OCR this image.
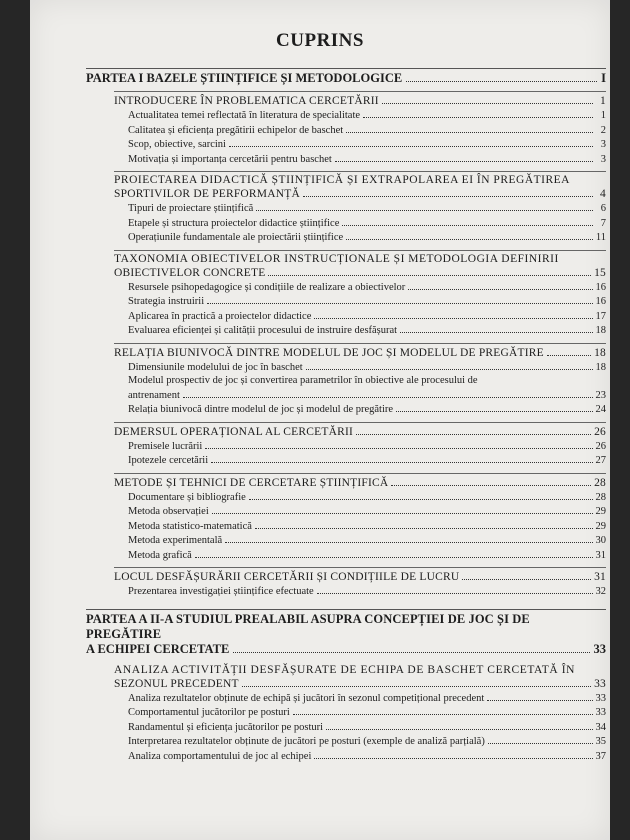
CUPRINS
PARTEA I BAZELE ȘTIINȚIFICE ȘI METODOLOGICE	I
INTRODUCERE ÎN PROBLEMATICA CERCETĂRII	1
Actualitatea temei reflectată în literatura de specialitate	1
Calitatea și eficiența pregătirii echipelor de baschet	2
Scop, obiective, sarcini	3
Motivația și importanța cercetării pentru baschet	3
PROIECTAREA DIDACTICĂ ȘTIINȚIFICĂ ȘI EXTRAPOLAREA EI ÎN PREGĂTIREA
SPORTIVILOR DE PERFORMANȚĂ	4
Tipuri de proiectare științifică	6
Etapele și structura proiectelor didactice științifice	7
Operațiunile fundamentale ale proiectării științifice	11
TAXONOMIA OBIECTIVELOR INSTRUCȚIONALE ȘI METODOLOGIA DEFINIRII
OBIECTIVELOR CONCRETE	15
Resursele psihopedagogice și condițiile de realizare a obiectivelor	16
Strategia instruirii	16
Aplicarea în practică a proiectelor didactice	17
Evaluarea eficienței și calității procesului de instruire desfășurat	18
RELAȚIA BIUNIVOCĂ DINTRE MODELUL DE JOC ȘI MODELUL DE PREGĂTIRE	18
Dimensiunile modelului de joc în baschet	18
Modelul prospectiv de joc și convertirea parametrilor în obiective ale procesului de
antrenament	23
Relația biunivocă dintre modelul de joc și modelul de pregătire	24
DEMERSUL OPERAȚIONAL AL CERCETĂRII	26
Premisele lucrării	26
Ipotezele cercetării	27
METODE ȘI TEHNICI DE CERCETARE ȘTIINȚIFICĂ	28
Documentare și bibliografie	28
Metoda observației	29
Metoda statistico-matematică	29
Metoda experimentală	30
Metoda grafică	31
LOCUL DESFĂȘURĂRII CERCETĂRII ȘI CONDIȚIILE DE LUCRU	31
Prezentarea investigației științifice efectuate	32
PARTEA A II-A STUDIUL PREALABIL ASUPRA CONCEPȚIEI DE JOC ȘI DE PREGĂTIRE
A ECHIPEI CERCETATE	33
ANALIZA ACTIVITĂȚII DESFĂȘURATE DE ECHIPA DE BASCHET CERCETATĂ ÎN
SEZONUL PRECEDENT	33
Analiza rezultatelor obținute de echipă și jucători în sezonul competițional precedent	33
Comportamentul jucătorilor pe posturi	33
Randamentul și eficiența jucătorilor pe posturi	34
Interpretarea rezultatelor obținute de jucători pe posturi (exemple de analiză parțială)	35
Analiza comportamentului de joc al echipei	37
